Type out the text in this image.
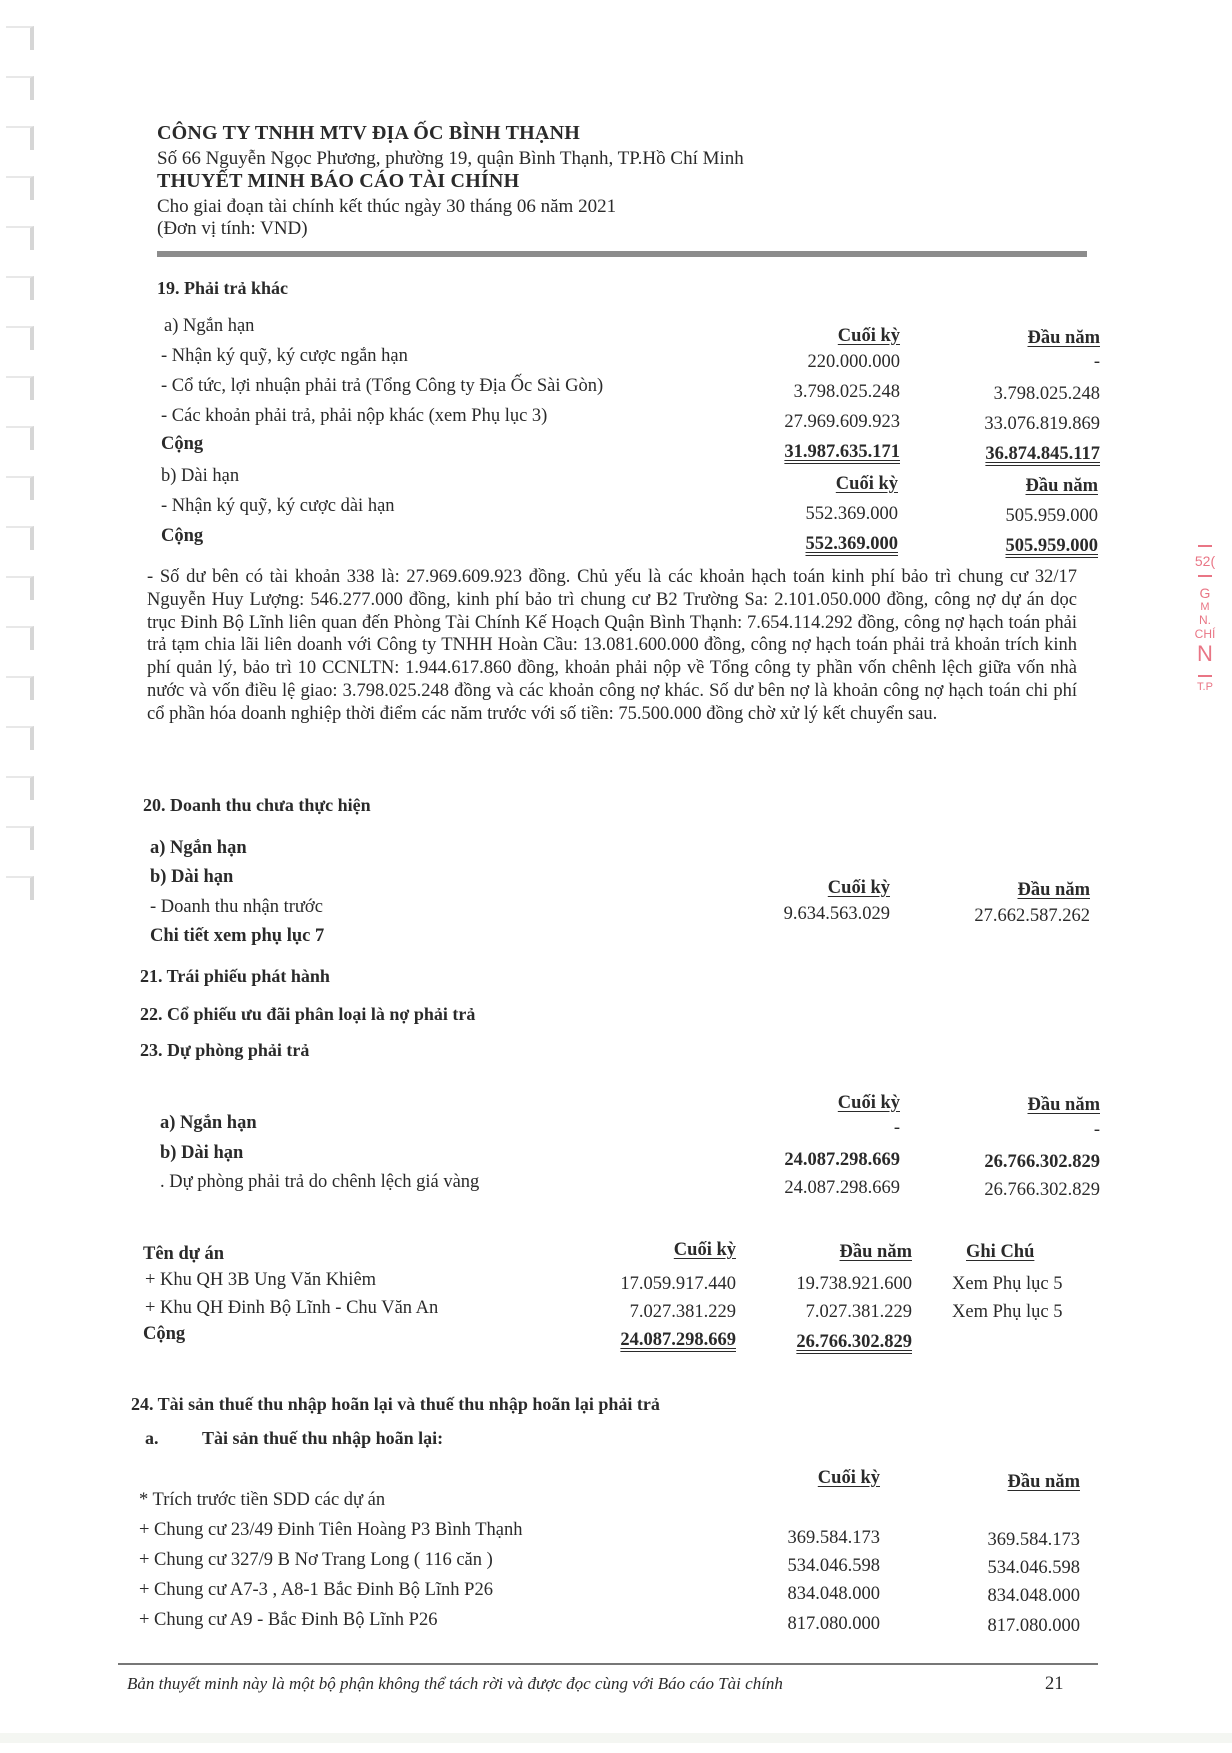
CÔNG TY TNHH MTV ĐỊA ỐC BÌNH THẠNH
Số 66 Nguyễn Ngọc Phương, phường 19, quận Bình Thạnh, TP.Hồ Chí Minh
THUYẾT MINH BÁO CÁO TÀI CHÍNH
Cho giai đoạn tài chính kết thúc ngày 30 tháng 06 năm 2021
(Đơn vị tính: VND)
19. Phải trả khác
a) Ngắn hạn	Cuối kỳ	Đầu năm
- Nhận ký quỹ, ký cược ngắn hạn	220.000.000	-
- Cổ tức, lợi nhuận phải trả (Tổng Công ty Địa Ốc Sài Gòn)	3.798.025.248	3.798.025.248
- Các khoản phải trả, phải nộp khác (xem Phụ lục 3)	27.969.609.923	33.076.819.869
Cộng	31.987.635.171	36.874.845.117
b) Dài hạn	Cuối kỳ	Đầu năm
- Nhận ký quỹ, ký cược dài hạn	552.369.000	505.959.000
Cộng	552.369.000	505.959.000
- Số dư bên có tài khoản 338 là: 27.969.609.923 đồng. Chủ yếu là các khoản hạch toán kinh phí bảo trì chung cư 32/17 Nguyễn Huy Lượng: 546.277.000 đồng, kinh phí bảo trì chung cư B2 Trường Sa: 2.101.050.000 đồng, công nợ dự án dọc trục Đinh Bộ Lĩnh liên quan đến Phòng Tài Chính Kế Hoạch Quận Bình Thạnh: 7.654.114.292 đồng, công nợ hạch toán phải trả tạm chia lãi liên doanh với Công ty TNHH Hoàn Cầu: 13.081.600.000 đồng, công nợ hạch toán phải trả khoản trích kinh phí quản lý, bảo trì 10 CCNLTN: 1.944.617.860 đồng, khoản phải nộp về Tổng công ty phần vốn chênh lệch giữa vốn nhà nước và vốn điều lệ giao: 3.798.025.248 đồng và các khoản công nợ khác. Số dư bên nợ là khoản công nợ hạch toán chi phí cổ phần hóa doanh nghiệp thời điểm các năm trước với số tiền: 75.500.000 đồng chờ xử lý kết chuyển sau.
20. Doanh thu chưa thực hiện
a) Ngắn hạn
b) Dài hạn
Cuối kỳ	Đầu năm
- Doanh thu nhận trước	9.634.563.029	27.662.587.262
Chi tiết xem phụ lục 7
21. Trái phiếu phát hành
22. Cổ phiếu ưu đãi phân loại là nợ phải trả
23. Dự phòng phải trả
Cuối kỳ	Đầu năm
a) Ngắn hạn	-	-
b) Dài hạn	24.087.298.669	26.766.302.829
. Dự phòng phải trả do chênh lệch giá vàng	24.087.298.669	26.766.302.829
Tên dự án	Cuối kỳ	Đầu năm	Ghi Chú
+ Khu QH 3B Ung Văn Khiêm	17.059.917.440	19.738.921.600 Xem Phụ lục 5
+ Khu QH Đinh Bộ Lĩnh - Chu Văn An	7.027.381.229	7.027.381.229 Xem Phụ lục 5
Cộng	24.087.298.669	26.766.302.829
24. Tài sản thuế thu nhập hoãn lại và thuế thu nhập hoãn lại phải trả
a. Tài sản thuế thu nhập hoãn lại:
Cuối kỳ	Đầu năm
* Trích trước tiền SDD các dự án
+ Chung cư 23/49 Đinh Tiên Hoàng P3 Bình Thạnh	369.584.173	369.584.173
+ Chung cư 327/9 B Nơ Trang Long ( 116 căn )	534.046.598	534.046.598
+ Chung cư A7-3 , A8-1 Bắc Đinh Bộ Lĩnh P26	834.048.000	834.048.000
+ Chung cư A9 - Bắc Đinh Bộ Lĩnh P26	817.080.000	817.080.000
52(
G
M
N.
CHÍ
N
T.P
Bản thuyết minh này là một bộ phận không thể tách rời và được đọc cùng với Báo cáo Tài chính	21
